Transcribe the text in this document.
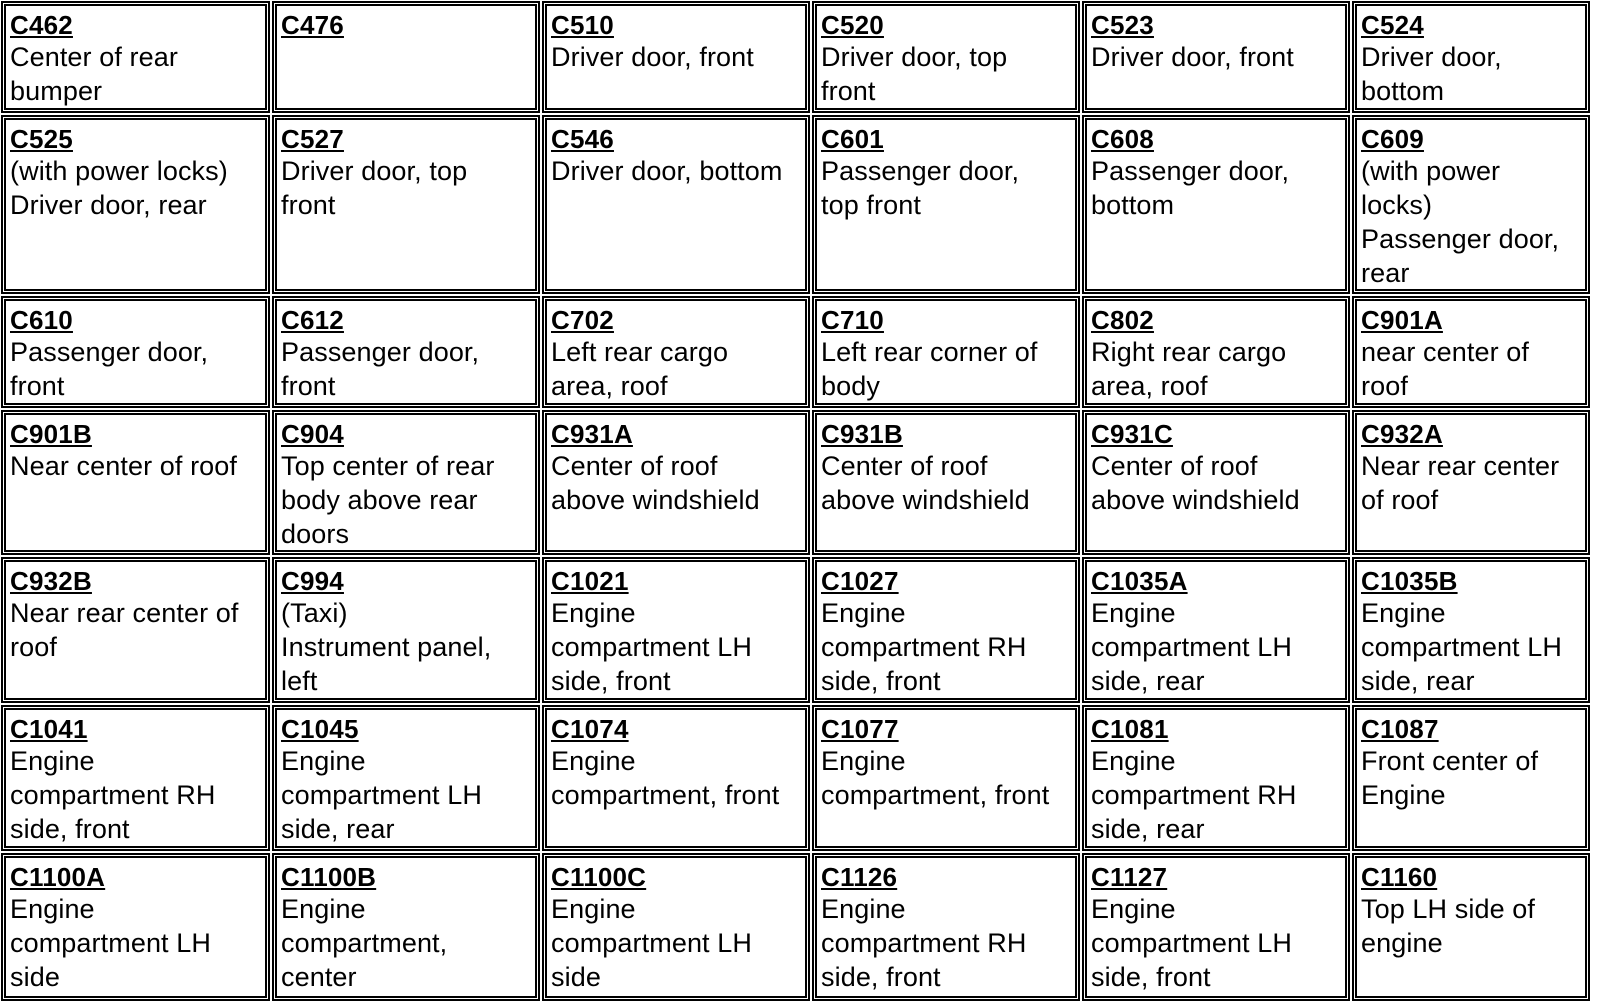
C462
Center of rear
bumper
C476	C510
Driver door, front
C520
Driver door, top
front
C523
Driver door, front
C524
Driver door,
bottom
C525
(with power locks)
Driver door, rear
C527
Driver door, top
front
C546
Driver door, bottom
C601
Passenger door,
top front
C608
Passenger door,
bottom
C609
(with power
locks)
Passenger door,
rear
C610
Passenger door,
front
C612
Passenger door,
front
C702
Left rear cargo
area, roof
C710
Left rear corner of
body
C802
Right rear cargo
area, roof
C901A
near center of
roof
C901B
Near center of roof
C904
Top center of rear
body above rear
doors
C931A
Center of roof
above windshield
C931B
Center of roof
above windshield
C931C
Center of roof
above windshield
C932A
Near rear center
of roof
C932B
Near rear center of
roof
C994
(Taxi)
Instrument panel,
left
C1021
Engine
compartment LH
side, front
C1027
Engine
compartment RH
side, front
C1035A
Engine
compartment LH
side, rear
C1035B
Engine
compartment LH
side, rear
C1041
Engine
compartment RH
side, front
C1045
Engine
compartment LH
side, rear
C1074
Engine
compartment, front
C1077
Engine
compartment, front
C1081
Engine
compartment RH
side, rear
C1087
Front center of
Engine
C1100A
Engine
compartment LH
side
C1100B
Engine
compartment,
center
C1100C
Engine
compartment LH
side
C1126
Engine
compartment RH
side, front
C1127
Engine
compartment LH
side, front
C1160
Top LH side of
engine
